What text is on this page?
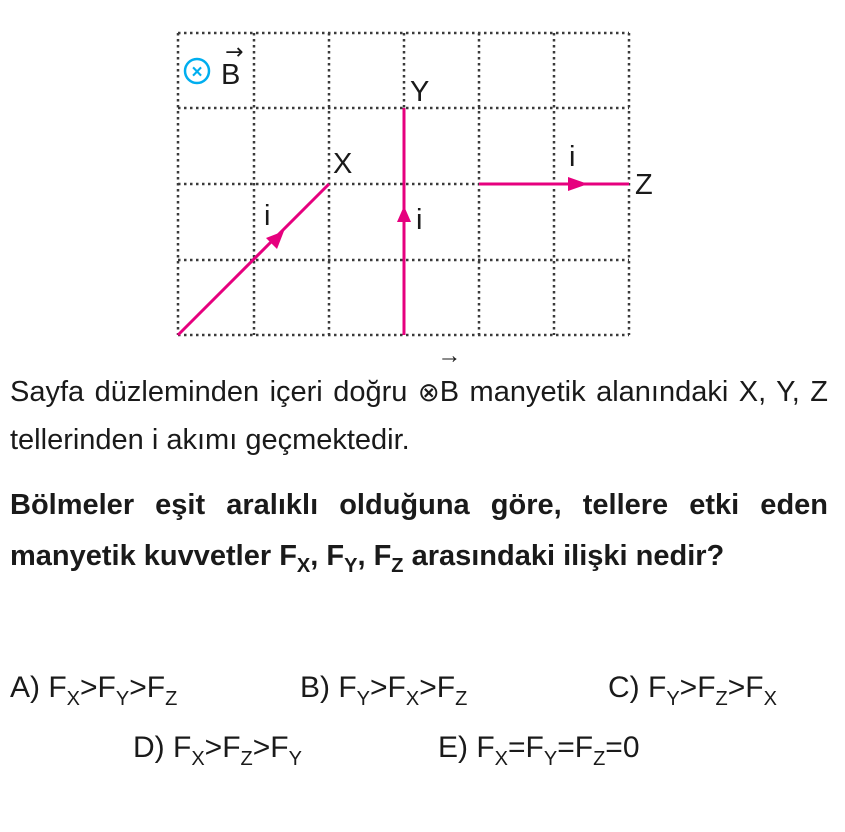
× B
→
X
i
Y
i
Z
i

Sayfa düzleminden içeri doğru ⊗
→
B manyetik alanındaki X, Y, Z tellerinden i akımı geçmektedir.

Bölmeler eşit aralıklı olduğuna göre, tellere etki eden manyetik kuvvetler $F_X$, $F_Y$, $F_Z$ arasındaki ilişki nedir?

A) $F_X>F_Y>F_Z$	B) $F_Y>F_X>F_Z$	C) $F_Y>F_Z>F_X$
D) $F_X>F_Z>F_Y$	E) $F_X=F_Y=F_Z=0$
